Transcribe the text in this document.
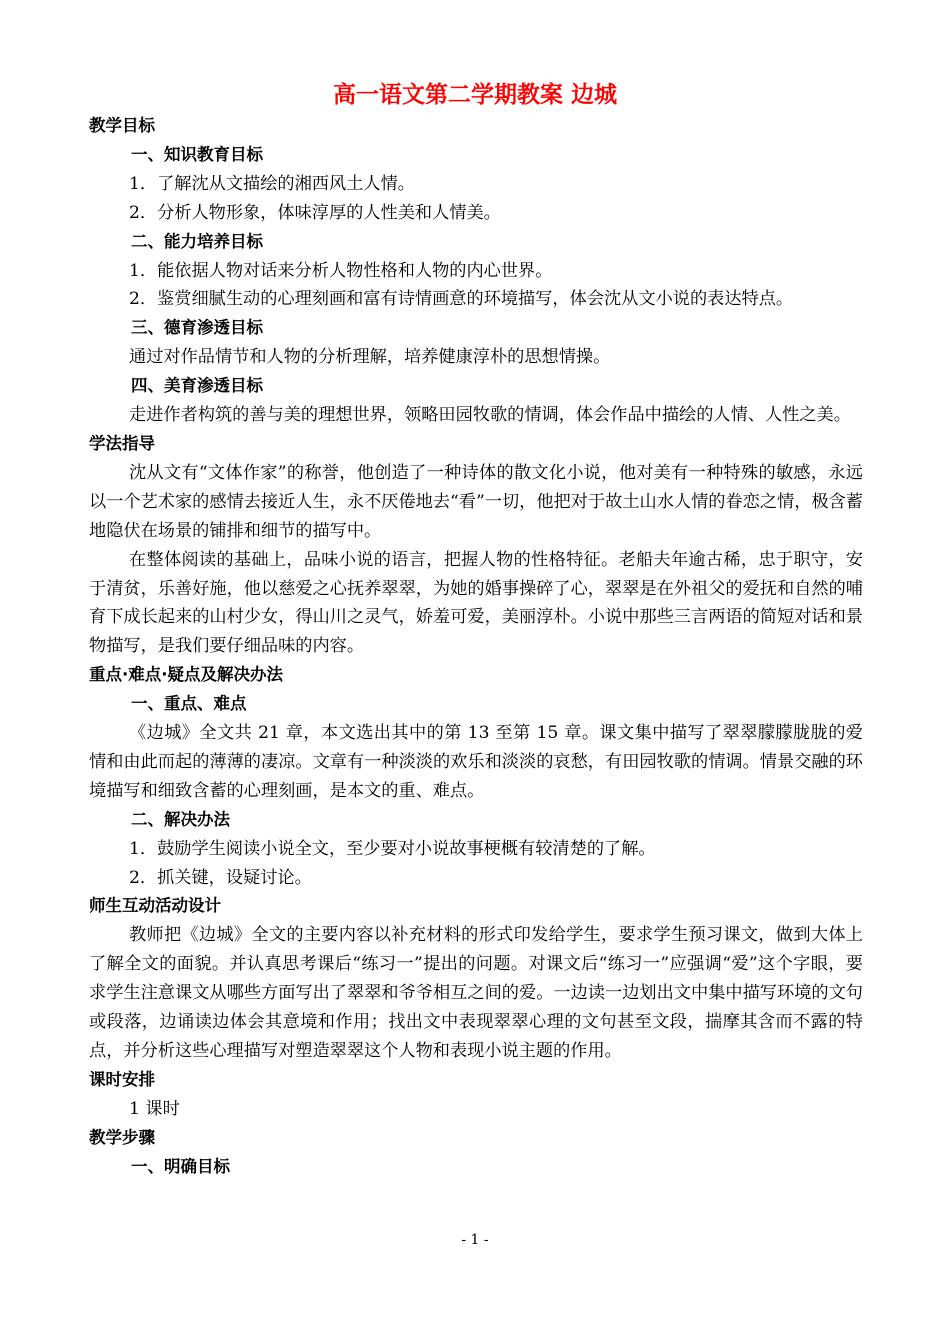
高一语文第二学期教案 边城

教学目标

一、知识教育目标

1．了解沈从文描绘的湘西风土人情。

2．分析人物形象，体味淳厚的人性美和人情美。

二、能力培养目标

1．能依据人物对话来分析人物性格和人物的内心世界。

2．鉴赏细腻生动的心理刻画和富有诗情画意的环境描写，体会沈从文小说的表达特点。

三、德育渗透目标

通过对作品情节和人物的分析理解，培养健康淳朴的思想情操。

四、美育渗透目标

走进作者构筑的善与美的理想世界，领略田园牧歌的情调，体会作品中描绘的人情、人性之美。

学法指导

沈从文有“文体作家”的称誉，他创造了一种诗体的散文化小说，他对美有一种特殊的敏感，永远以一个艺术家的感情去接近人生，永不厌倦地去“看”一切，他把对于故土山水人情的眷恋之情，极含蓄地隐伏在场景的铺排和细节的描写中。

在整体阅读的基础上，品味小说的语言，把握人物的性格特征。老船夫年逾古稀，忠于职守，安于清贫，乐善好施，他以慈爱之心抚养翠翠，为她的婚事操碎了心，翠翠是在外祖父的爱抚和自然的哺育下成长起来的山村少女，得山川之灵气，娇羞可爱，美丽淳朴。小说中那些三言两语的简短对话和景物描写，是我们要仔细品味的内容。

重点·难点·疑点及解决办法

一、重点、难点

《边城》全文共 21 章，本文选出其中的第 13 至第 15 章。课文集中描写了翠翠朦朦胧胧的爱情和由此而起的薄薄的凄凉。文章有一种淡淡的欢乐和淡淡的哀愁，有田园牧歌的情调。情景交融的环境描写和细致含蓄的心理刻画，是本文的重、难点。

二、解决办法

1．鼓励学生阅读小说全文，至少要对小说故事梗概有较清楚的了解。

2．抓关键，设疑讨论。

师生互动活动设计

教师把《边城》全文的主要内容以补充材料的形式印发给学生，要求学生预习课文，做到大体上了解全文的面貌。并认真思考课后“练习一”提出的问题。对课文后“练习一”应强调“爱”这个字眼，要求学生注意课文从哪些方面写出了翠翠和爷爷相互之间的爱。一边读一边划出文中集中描写环境的文句或段落，边诵读边体会其意境和作用；找出文中表现翠翠心理的文句甚至文段，揣摩其含而不露的特点，并分析这些心理描写对塑造翠翠这个人物和表现小说主题的作用。

课时安排

1 课时

教学步骤

一、明确目标

- 1 -
